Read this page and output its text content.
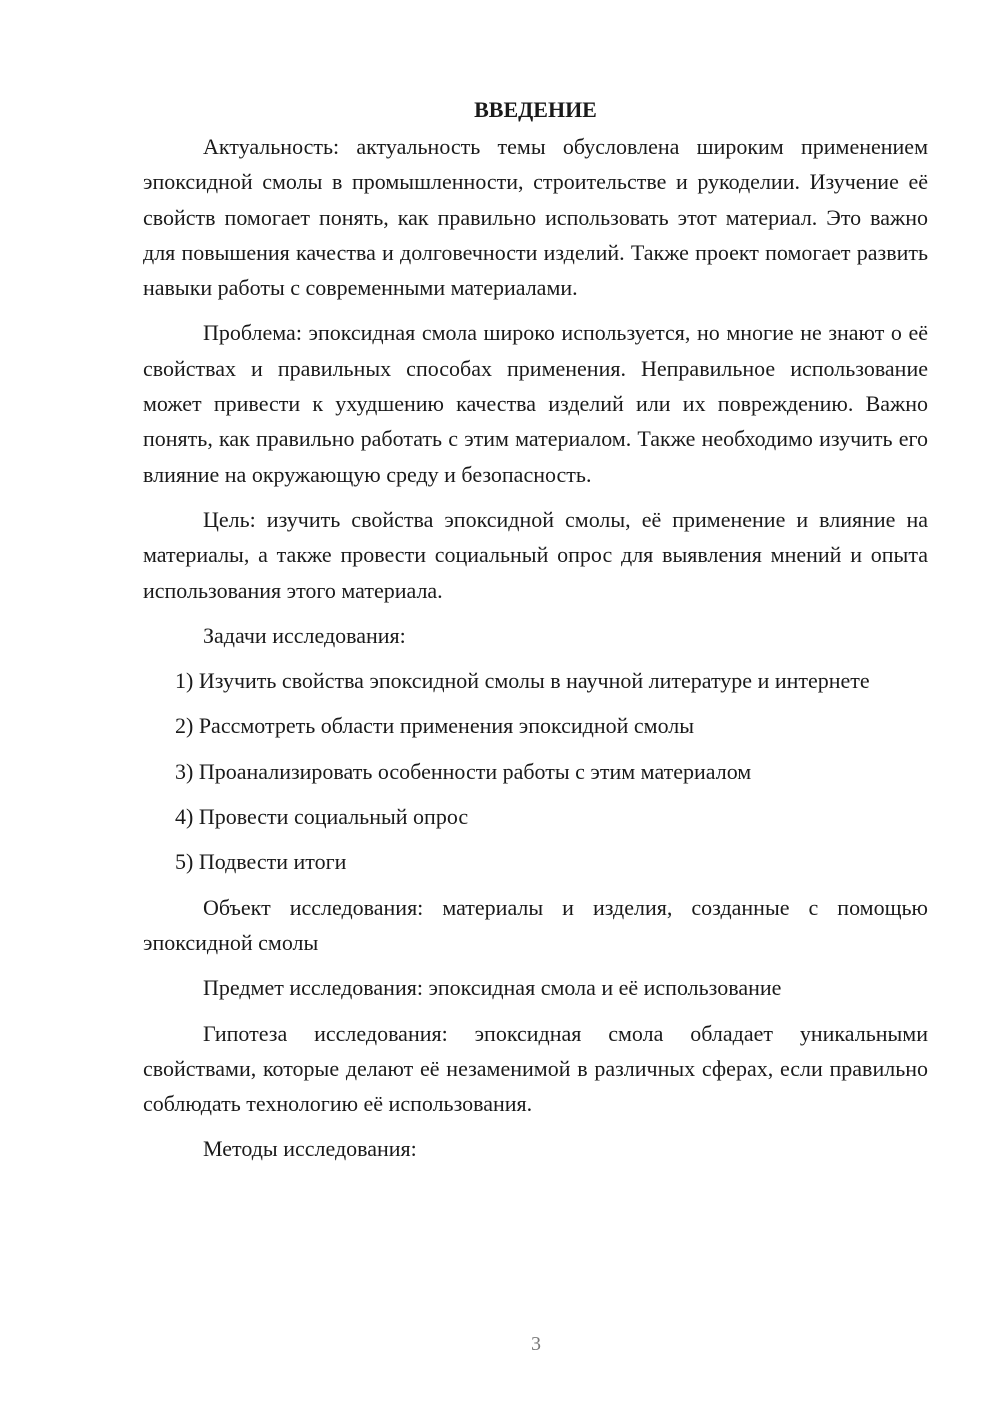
ВВЕДЕНИЕ

Актуальность: актуальность темы обусловлена широким применением эпоксидной смолы в промышленности, строительстве и рукоделии. Изучение её свойств помогает понять, как правильно использовать этот материал. Это важно для повышения качества и долговечности изделий. Также проект помогает развить навыки работы с современными материалами.

Проблема: эпоксидная смола широко используется, но многие не знают о её свойствах и правильных способах применения. Неправильное использование может привести к ухудшению качества изделий или их повреждению. Важно понять, как правильно работать с этим материалом. Также необходимо изучить его влияние на окружающую среду и безопасность.

Цель: изучить свойства эпоксидной смолы, её применение и влияние на материалы, а также провести социальный опрос для выявления мнений и опыта использования этого материала.

Задачи исследования:

1) Изучить свойства эпоксидной смолы в научной литературе и интернете

2) Рассмотреть области применения эпоксидной смолы

3) Проанализировать особенности работы с этим материалом

4) Провести социальный опрос

5) Подвести итоги

Объект исследования: материалы и изделия, созданные с помощью эпоксидной смолы

Предмет исследования: эпоксидная смола и её использование

Гипотеза исследования: эпоксидная смола обладает уникальными свойствами, которые делают её незаменимой в различных сферах, если правильно соблюдать технологию её использования.

Методы исследования:

3
